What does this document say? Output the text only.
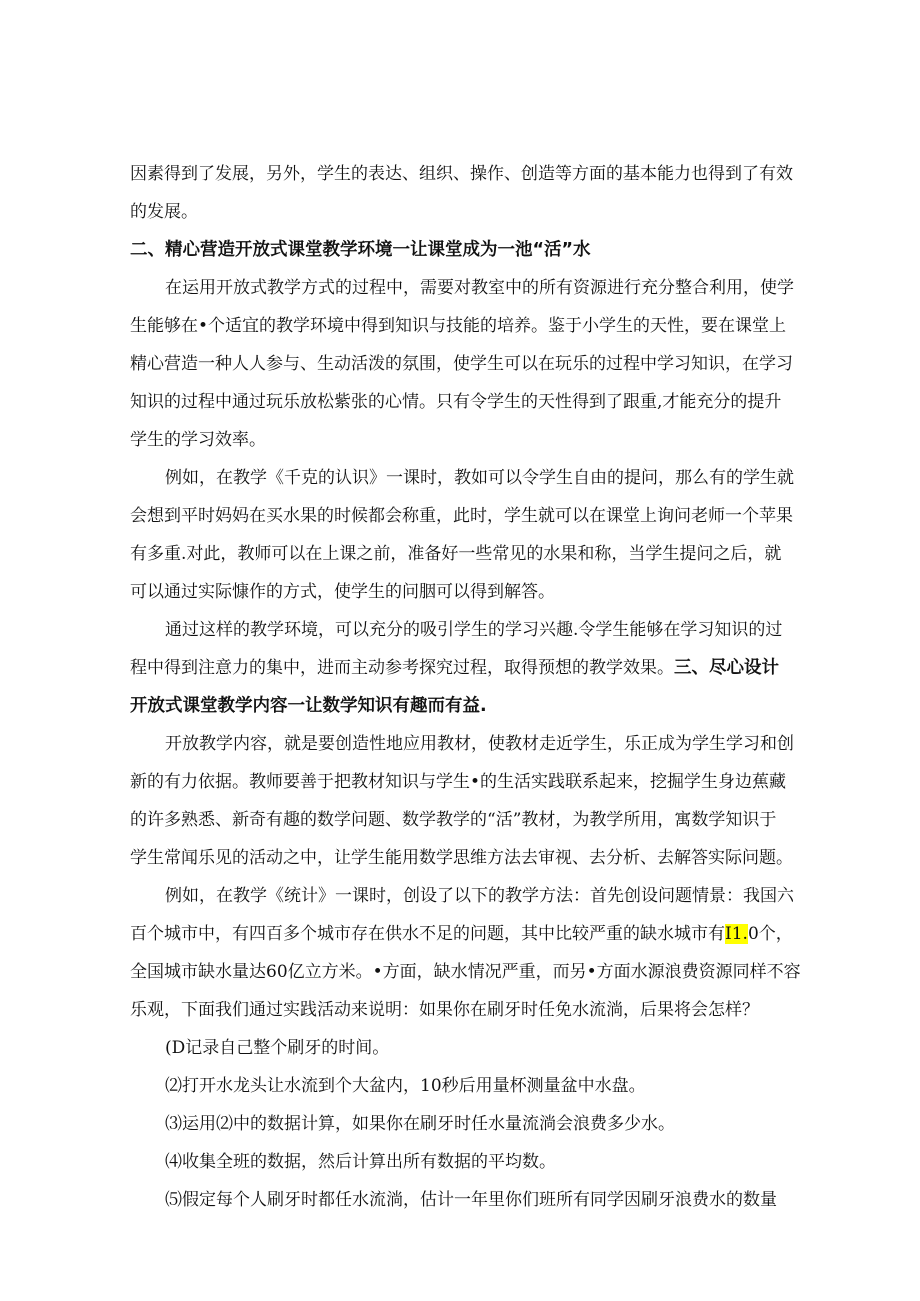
因素得到了发展，另外，学生的表达、组织、操作、创造等方面的基本能力也得到了有效
的发展。
二、精心营造开放式课堂教学环境一让课堂成为一池“活”水
在运用开放式教学方式的过程中，需要对教室中的所有资源进行充分整合利用，使学
生能够在•个适宜的教学环境中得到知识与技能的培养。鉴于小学生的天性，要在课堂上
精心营造一种人人参与、生动活泼的氛围，使学生可以在玩乐的过程中学习知识，在学习
知识的过程中通过玩乐放松紫张的心情。只有令学生的天性得到了跟重,才能充分的提升
学生的学习效率。
例如，在教学《千克的认识》一课时，教如可以令学生自由的提问，那么有的学生就
会想到平时妈妈在买水果的时候都会称重，此时，学生就可以在课堂上询问老师一个苹果
有多重.对此，教师可以在上课之前，准备好一些常见的水果和称，当学生提问之后，就
可以通过实际慷作的方式，使学生的问胭可以得到解答。
通过这样的教学环境，可以充分的吸引学生的学习兴趣.令学生能够在学习知识的过
程中得到注意力的集中，进而主动参考探究过程，取得预想的教学效果。三、尽心设计
开放式课堂教学内容一让数学知识有趣而有益.
开放教学内容，就是要创造性地应用教材，使教材走近学生，乐正成为学生学习和创
新的有力依据。教师要善于把教材知识与学生•的生活实践联系起来，挖掘学生身边蕉藏
的许多熟悉、新奇有趣的数学问题、数学教学的“活”教材，为教学所用，寓数学知识于
学生常闻乐见的活动之中，让学生能用数学思维方法去审视、去分析、去解答实际问题。
例如，在教学《统计》一课时，创设了以下的教学方法：首先创设问题情景：我国六
百个城市中，有四百多个城市存在供水不足的问题，其中比较严重的缺水城市有I1.0个，
全国城市缺水量达60亿立方米。•方面，缺水情况严重，而另•方面水源浪费资源同样不容
乐观，下面我们通过实践活动来说明：如果你在刷牙时任免水流淌，后果将会怎样？
(D记录自己整个刷牙的时间。
⑵打开水龙头让水流到个大盆内，10秒后用量杯测量盆中水盘。
⑶运用⑵中的数据计算，如果你在刷牙时任水量流淌会浪费多少水。
⑷收集全班的数据，然后计算出所有数据的平均数。
⑸假定每个人刷牙时都任水流淌，估计一年里你们班所有同学因刷牙浪费水的数量
